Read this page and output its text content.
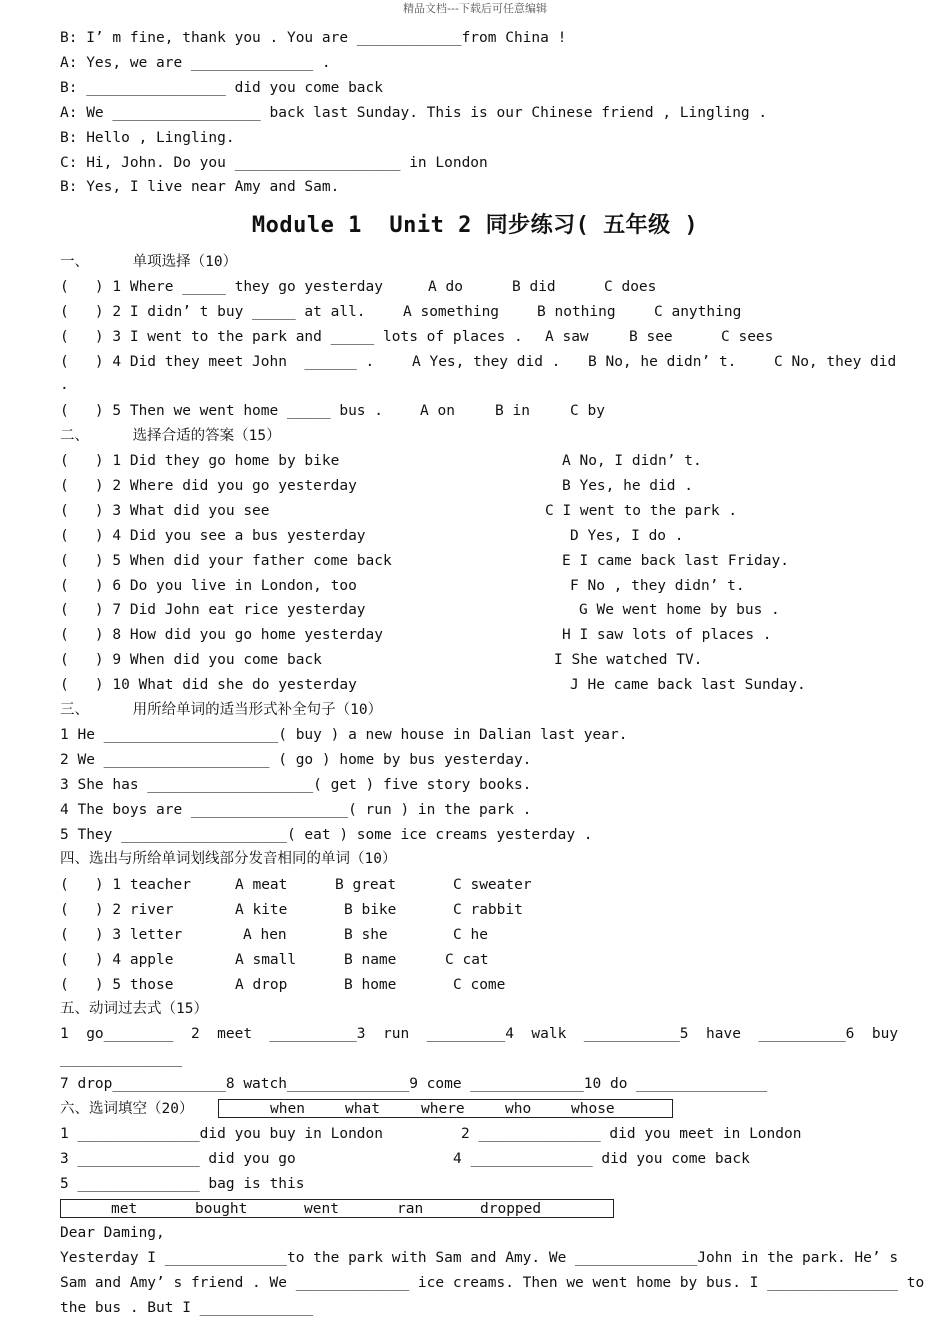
精品文档---下载后可任意编辑
B: I’ m fine, thank you . You are ____________from China !
A: Yes, we are ______________ .
B: ________________ did you come back
A: We _________________ back last Sunday. This is our Chinese friend , Lingling .
B: Hello , Lingling.
C: Hi, John. Do you ___________________ in London
B: Yes, I live near Amy and Sam.
Module 1  Unit 2 同步练习( 五年级 )
一、     单项选择（10）
(   ) 1 Where _____ they go yesterday	A do	B did	C does
(   ) 2 I didn’ t buy _____ at all.	A something	B nothing	C anything
(   ) 3 I went to the park and _____ lots of places . A saw	B see	C sees
(   ) 4 Did they meet John  ______ .	A Yes, they did . B No, he didn’ t.	C No, they did
.
(   ) 5 Then we went home _____ bus .	A on	B in	C by
二、     选择合适的答案（15）
(   ) 1 Did they go home by bike	A No, I didn’ t.
(   ) 2 Where did you go yesterday	B Yes, he did .
(   ) 3 What did you see	C I went to the park .
(   ) 4 Did you see a bus yesterday	D Yes, I do .
(   ) 5 When did your father come back	E I came back last Friday.
(   ) 6 Do you live in London, too	F No , they didn’ t.
(   ) 7 Did John eat rice yesterday	G We went home by bus .
(   ) 8 How did you go home yesterday	H I saw lots of places .
(   ) 9 When did you come back	I She watched TV.
(   ) 10 What did she do yesterday	J He came back last Sunday.
三、     用所给单词的适当形式补全句子（10）
1 He ____________________( buy ) a new house in Dalian last year.
2 We ___________________ ( go ) home by bus yesterday.
3 She has ___________________( get ) five story books.
4 The boys are __________________( run ) in the park .
5 They ___________________( eat ) some ice creams yesterday .
四、选出与所给单词划线部分发音相同的单词（10）
(   ) 1 teacher	A meat	B great	C sweater
(   ) 2 river	A kite	B bike	C rabbit
(   ) 3 letter	A hen	B she	C he
(   ) 4 apple	A small	B name	C cat
(   ) 5 those	A drop	B home	C come
五、动词过去式（15）
1  go________  2  meet  __________3  run  _________4  walk  ___________5  have  __________6  buy
______________
7 drop_____________8 watch______________9 come _____________10 do _______________
六、选词填空（20）	when	what	where	who	whose
1 ______________did you buy in London	2 ______________ did you meet in London
3 ______________ did you go	4 ______________ did you come back
5 ______________ bag is this
met	bought	went	ran	dropped
Dear Daming,
Yesterday I ______________to the park with Sam and Amy. We ______________John in the park. He’ s
Sam and Amy’ s friend . We _____________ ice creams. Then we went home by bus. I _______________ to
the bus . But I _____________
